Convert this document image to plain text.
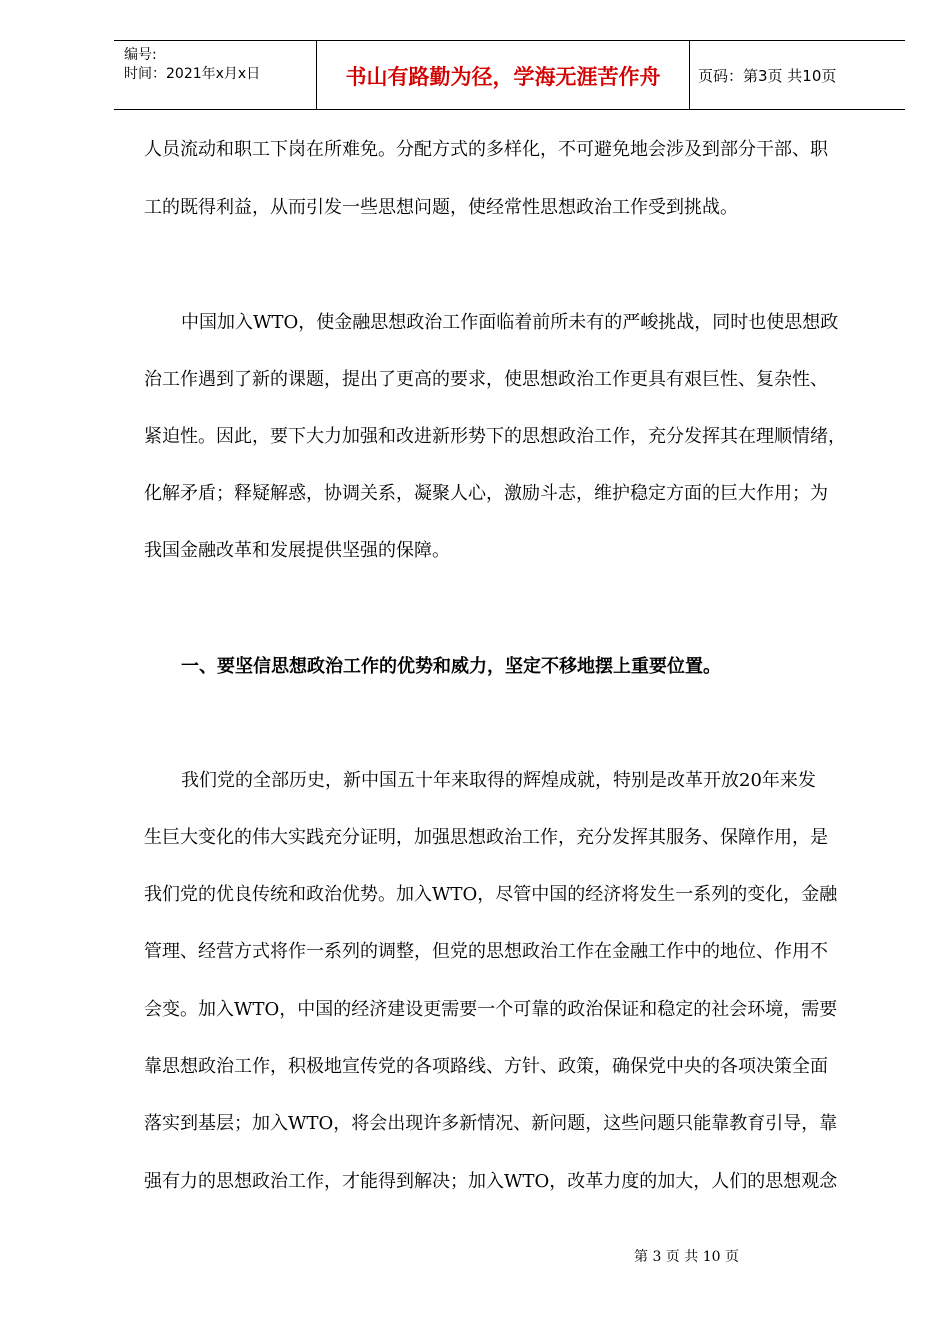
编号:
时间：2021年x月x日	书山有路勤为径，学海无涯苦作舟	页码：第3页 共10页
人员流动和职工下岗在所难免。分配方式的多样化，不可避免地会涉及到部分干部、职
工的既得利益，从而引发一些思想问题，使经常性思想政治工作受到挑战。
中国加入WTO，使金融思想政治工作面临着前所未有的严峻挑战，同时也使思想政
治工作遇到了新的课题，提出了更高的要求，使思想政治工作更具有艰巨性、复杂性、
紧迫性。因此，要下大力加强和改进新形势下的思想政治工作，充分发挥其在理顺情绪，
化解矛盾；释疑解惑，协调关系，凝聚人心，激励斗志，维护稳定方面的巨大作用；为
我国金融改革和发展提供坚强的保障。
一、要坚信思想政治工作的优势和威力，坚定不移地摆上重要位置。
我们党的全部历史，新中国五十年来取得的辉煌成就，特别是改革开放20年来发
生巨大变化的伟大实践充分证明，加强思想政治工作，充分发挥其服务、保障作用，是
我们党的优良传统和政治优势。加入WTO，尽管中国的经济将发生一系列的变化，金融
管理、经营方式将作一系列的调整，但党的思想政治工作在金融工作中的地位、作用不
会变。加入WTO，中国的经济建设更需要一个可靠的政治保证和稳定的社会环境，需要
靠思想政治工作，积极地宣传党的各项路线、方针、政策，确保党中央的各项决策全面
落实到基层；加入WTO，将会出现许多新情况、新问题，这些问题只能靠教育引导，靠
强有力的思想政治工作，才能得到解决；加入WTO，改革力度的加大，人们的思想观念
第 3 页 共 10 页
